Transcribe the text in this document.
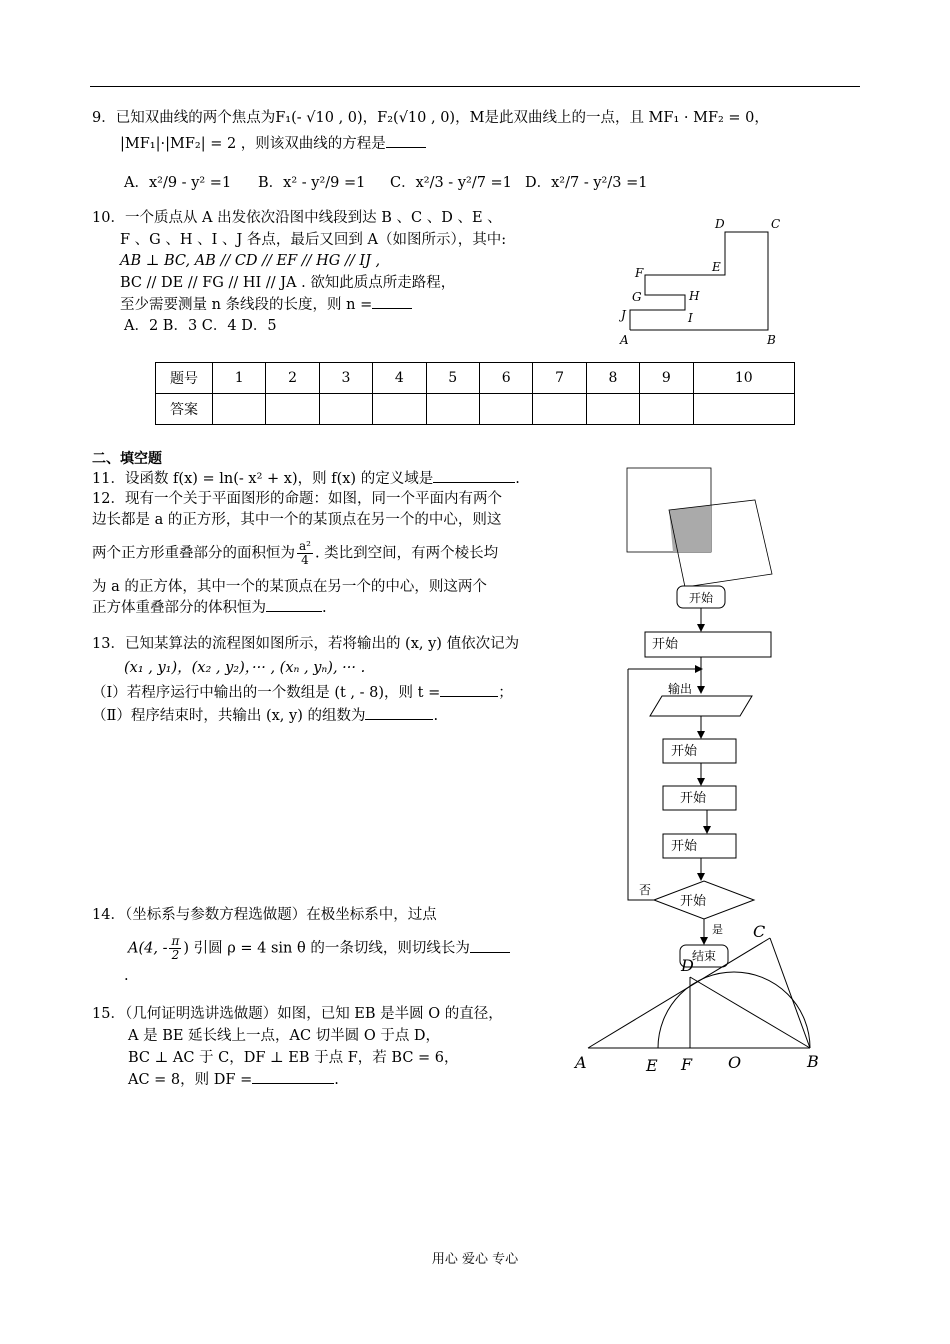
9．已知双曲线的两个焦点为F₁(- √10 , 0)，F₂(√10 , 0)，M是此双曲线上的一点，且 MF₁ · MF₂ = 0，
|MF₁|·|MF₂| = 2 ，则该双曲线的方程是
A．x²/9 - y² =1 B．x² - y²/9 =1 C．x²/3 - y²/7 =1 D．x²/7 - y²/3 =1
10．一个质点从 A 出发依次沿图中线段到达 B 、C 、D 、E 、
F 、G 、H 、I 、J 各点，最后又回到 A（如图所示），其中:
AB ⊥ BC, AB // CD // EF // HG // IJ ,
BC // DE // FG // HI // JA . 欲知此质点所走路程，
至少需要测量 n 条线段的长度，则 n =
A．2 B．3 C．4 D．5
D	C
E
F
G	H
I
J
A	B
题号	1	2	3	4	5	6	7	8	9	10
答案										
二、填空题
11．设函数 f(x) = ln(- x² + x)，则 f(x) 的定义域是	.
12．现有一个关于平面图形的命题：如图，同一个平面内有两个
边长都是 a 的正方形，其中一个的某顶点在另一个的中心，则这
两个正方形重叠部分的面积恒为 $\frac{\text{a²}}{4}$ . 类比到空间，有两个棱长均
为 a 的正方体，其中一个的某顶点在另一个的中心，则这两个
正方体重叠部分的体积恒为	.
13．已知某算法的流程图如图所示，若将输出的 (x, y) 值依次记为
(x₁ , y₁)，(x₂ , y₂)，··· , (xₙ , yₙ), ··· .
（Ⅰ）若程序运行中输出的一个数组是 (t , - 8)，则 t =	；
（Ⅱ）程序结束时，共输出 (x, y) 的组数为	.
开始
开始
输出
开始
开始
开始
开始
否
是
结束
14．（坐标系与参数方程选做题）在极坐标系中，过点
A(4, - $\frac{\pi}{2}$ ) 引圆 ρ = 4 sin θ 的一条切线，则切线长为
.
15．（几何证明选讲选做题）如图，已知 EB 是半圆 O 的直径，
A 是 BE 延长线上一点，AC 切半圆 O 于点 D，
BC ⊥ AC 于 C，DF ⊥ EB 于点 F，若 BC = 6，
AC = 8，则 DF =	.
A	E F O	B
C
D
用心 爱心 专心
